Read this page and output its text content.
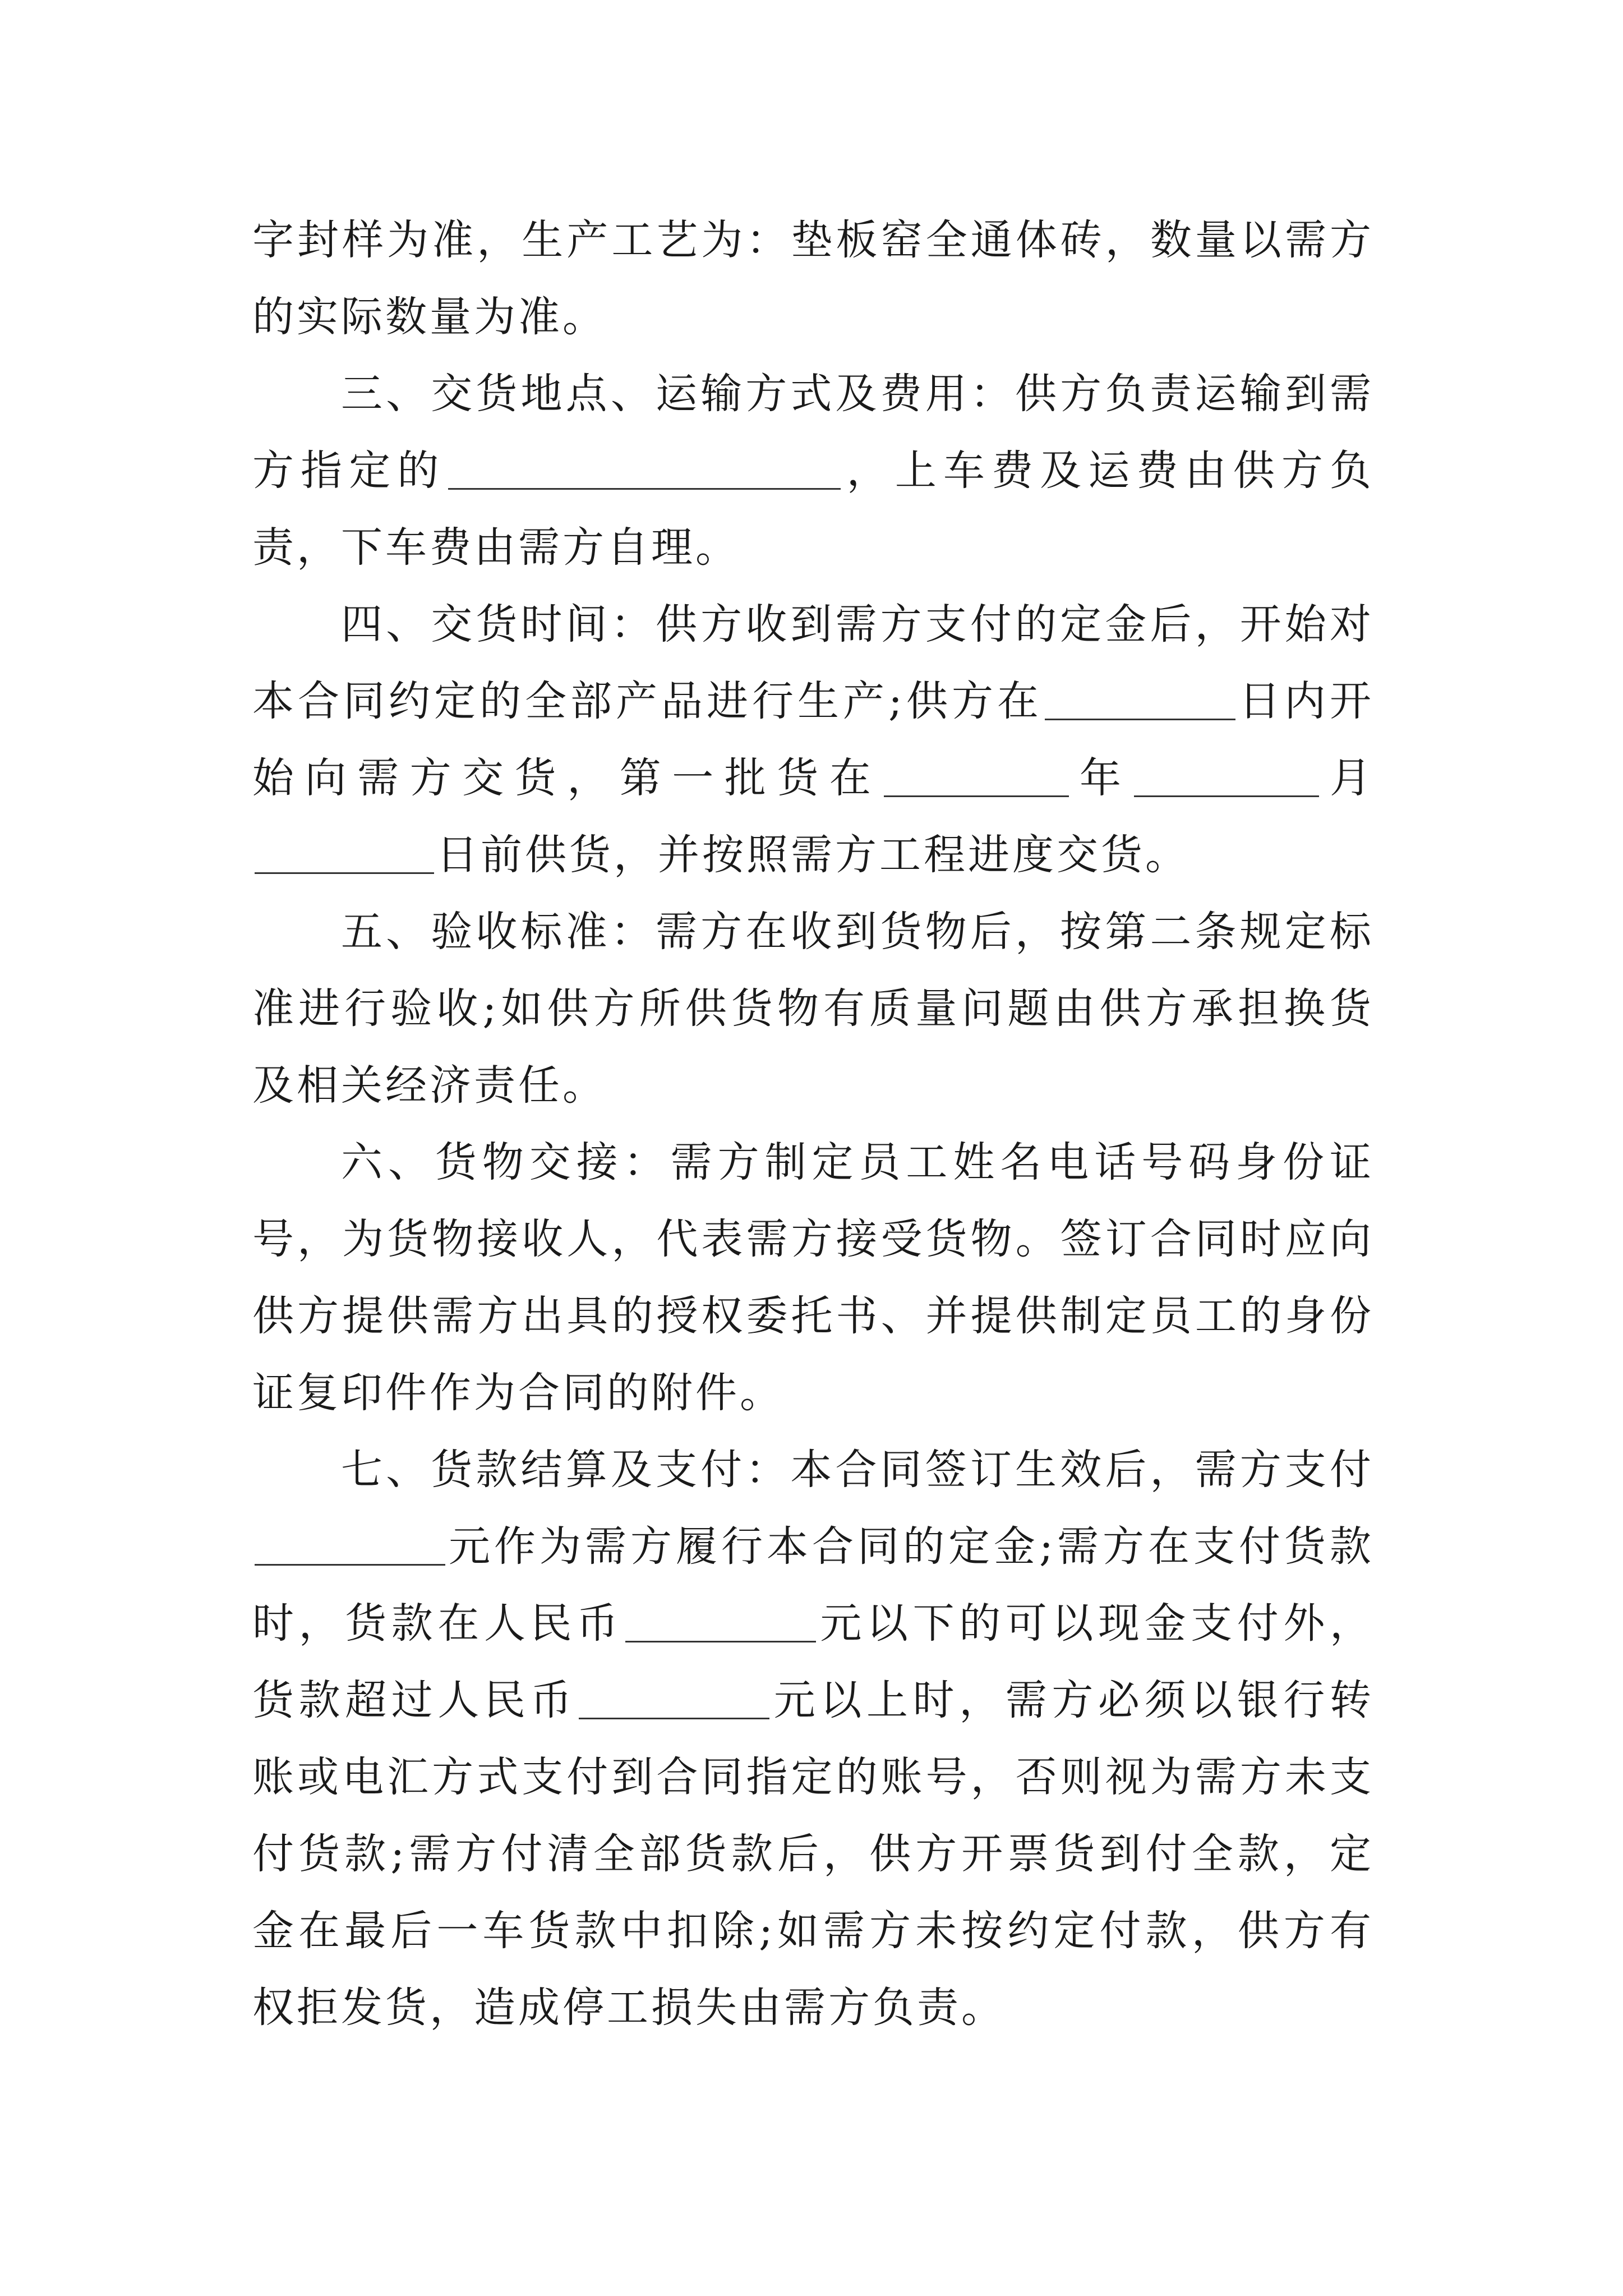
字封样为准，生产工艺为：垫板窑全通体砖，数量以需方的实际数量为准。

三、交货地点、运输方式及费用：供方负责运输到需方指定的	，上车费及运费由供方负责，下车费由需方自理。

四、交货时间：供方收到需方支付的定金后，开始对本合同约定的全部产品进行生产;供方在	日内开始向需方交货，第一批货在	年	月日前供货，并按照需方工程进度交货。

五、验收标准：需方在收到货物后，按第二条规定标准进行验收;如供方所供货物有质量问题由供方承担换货及相关经济责任。

六、货物交接：需方制定员工姓名电话号码身份证号，为货物接收人，代表需方接受货物。签订合同时应向供方提供需方出具的授权委托书、并提供制定员工的身份证复印件作为合同的附件。

七、货款结算及支付：本合同签订生效后，需方支付元作为需方履行本合同的定金;需方在支付货款时，货款在人民币	元以下的可以现金支付外，货款超过人民币	元以上时，需方必须以银行转账或电汇方式支付到合同指定的账号，否则视为需方未支付货款;需方付清全部货款后，供方开票货到付全款，定金在最后一车货款中扣除;如需方未按约定付款，供方有权拒发货，造成停工损失由需方负责。
